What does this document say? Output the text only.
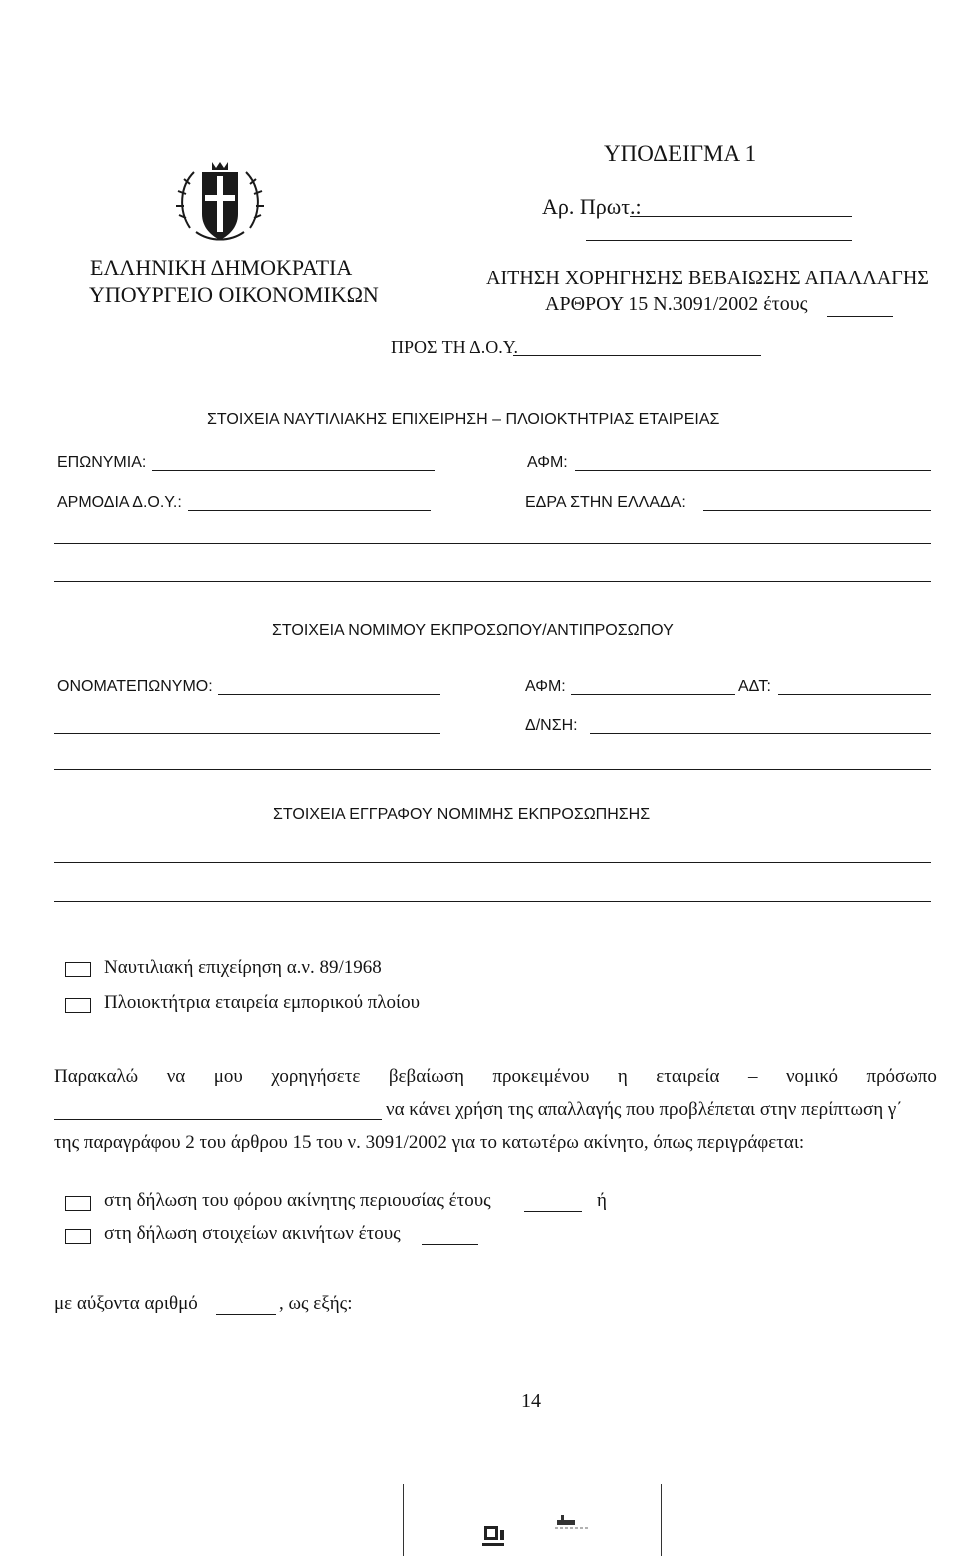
ΥΠΟΔΕΙΓΜΑ 1
Αρ. Πρωτ.:
ΕΛΛΗΝΙΚΗ ΔΗΜΟΚΡΑΤΙΑ
ΥΠΟΥΡΓΕΙΟ ΟΙΚΟΝΟΜΙΚΩΝ
ΑΙΤΗΣΗ ΧΟΡΗΓΗΣΗΣ ΒΕΒΑΙΩΣΗΣ ΑΠΑΛΛΑΓΗΣ
ΑΡΘΡΟΥ 15 Ν.3091/2002 έτους
ΠΡΟΣ ΤΗ Δ.Ο.Υ.
ΣΤΟΙΧΕΙΑ ΝΑΥΤΙΛΙΑΚΗΣ ΕΠΙΧΕΙΡΗΣΗ – ΠΛΟΙΟΚΤΗΤΡΙΑΣ ΕΤΑΙΡΕΙΑΣ
ΕΠΩΝΥΜΙΑ:	ΑΦΜ:
ΑΡΜΟΔΙΑ Δ.Ο.Υ.:	ΕΔΡΑ ΣΤΗΝ ΕΛΛΑΔΑ:
ΣΤΟΙΧΕΙΑ ΝΟΜΙΜΟΥ ΕΚΠΡΟΣΩΠΟΥ/ΑΝΤΙΠΡΟΣΩΠΟΥ
ΟΝΟΜΑΤΕΠΩΝΥΜΟ:	ΑΦΜ:	ΑΔΤ:
Δ/ΝΣΗ:
ΣΤΟΙΧΕΙΑ ΕΓΓΡΑΦΟΥ ΝΟΜΙΜΗΣ ΕΚΠΡΟΣΩΠΗΣΗΣ
Ναυτιλιακή επιχείρηση α.ν. 89/1968
Πλοιοκτήτρια εταιρεία εμπορικού πλοίου
Παρακαλώ να μου χορηγήσετε βεβαίωση προκειμένου η εταιρεία – νομικό πρόσωπο
να κάνει χρήση της απαλλαγής που προβλέπεται στην περίπτωση γ΄
της παραγράφου 2 του άρθρου 15 του ν. 3091/2002 για το κατωτέρω ακίνητο, όπως περιγράφεται:
στη δήλωση του φόρου ακίνητης περιουσίας έτους	ή
στη δήλωση στοιχείων ακινήτων έτους
με αύξοντα αριθμό	, ως εξής:
14
